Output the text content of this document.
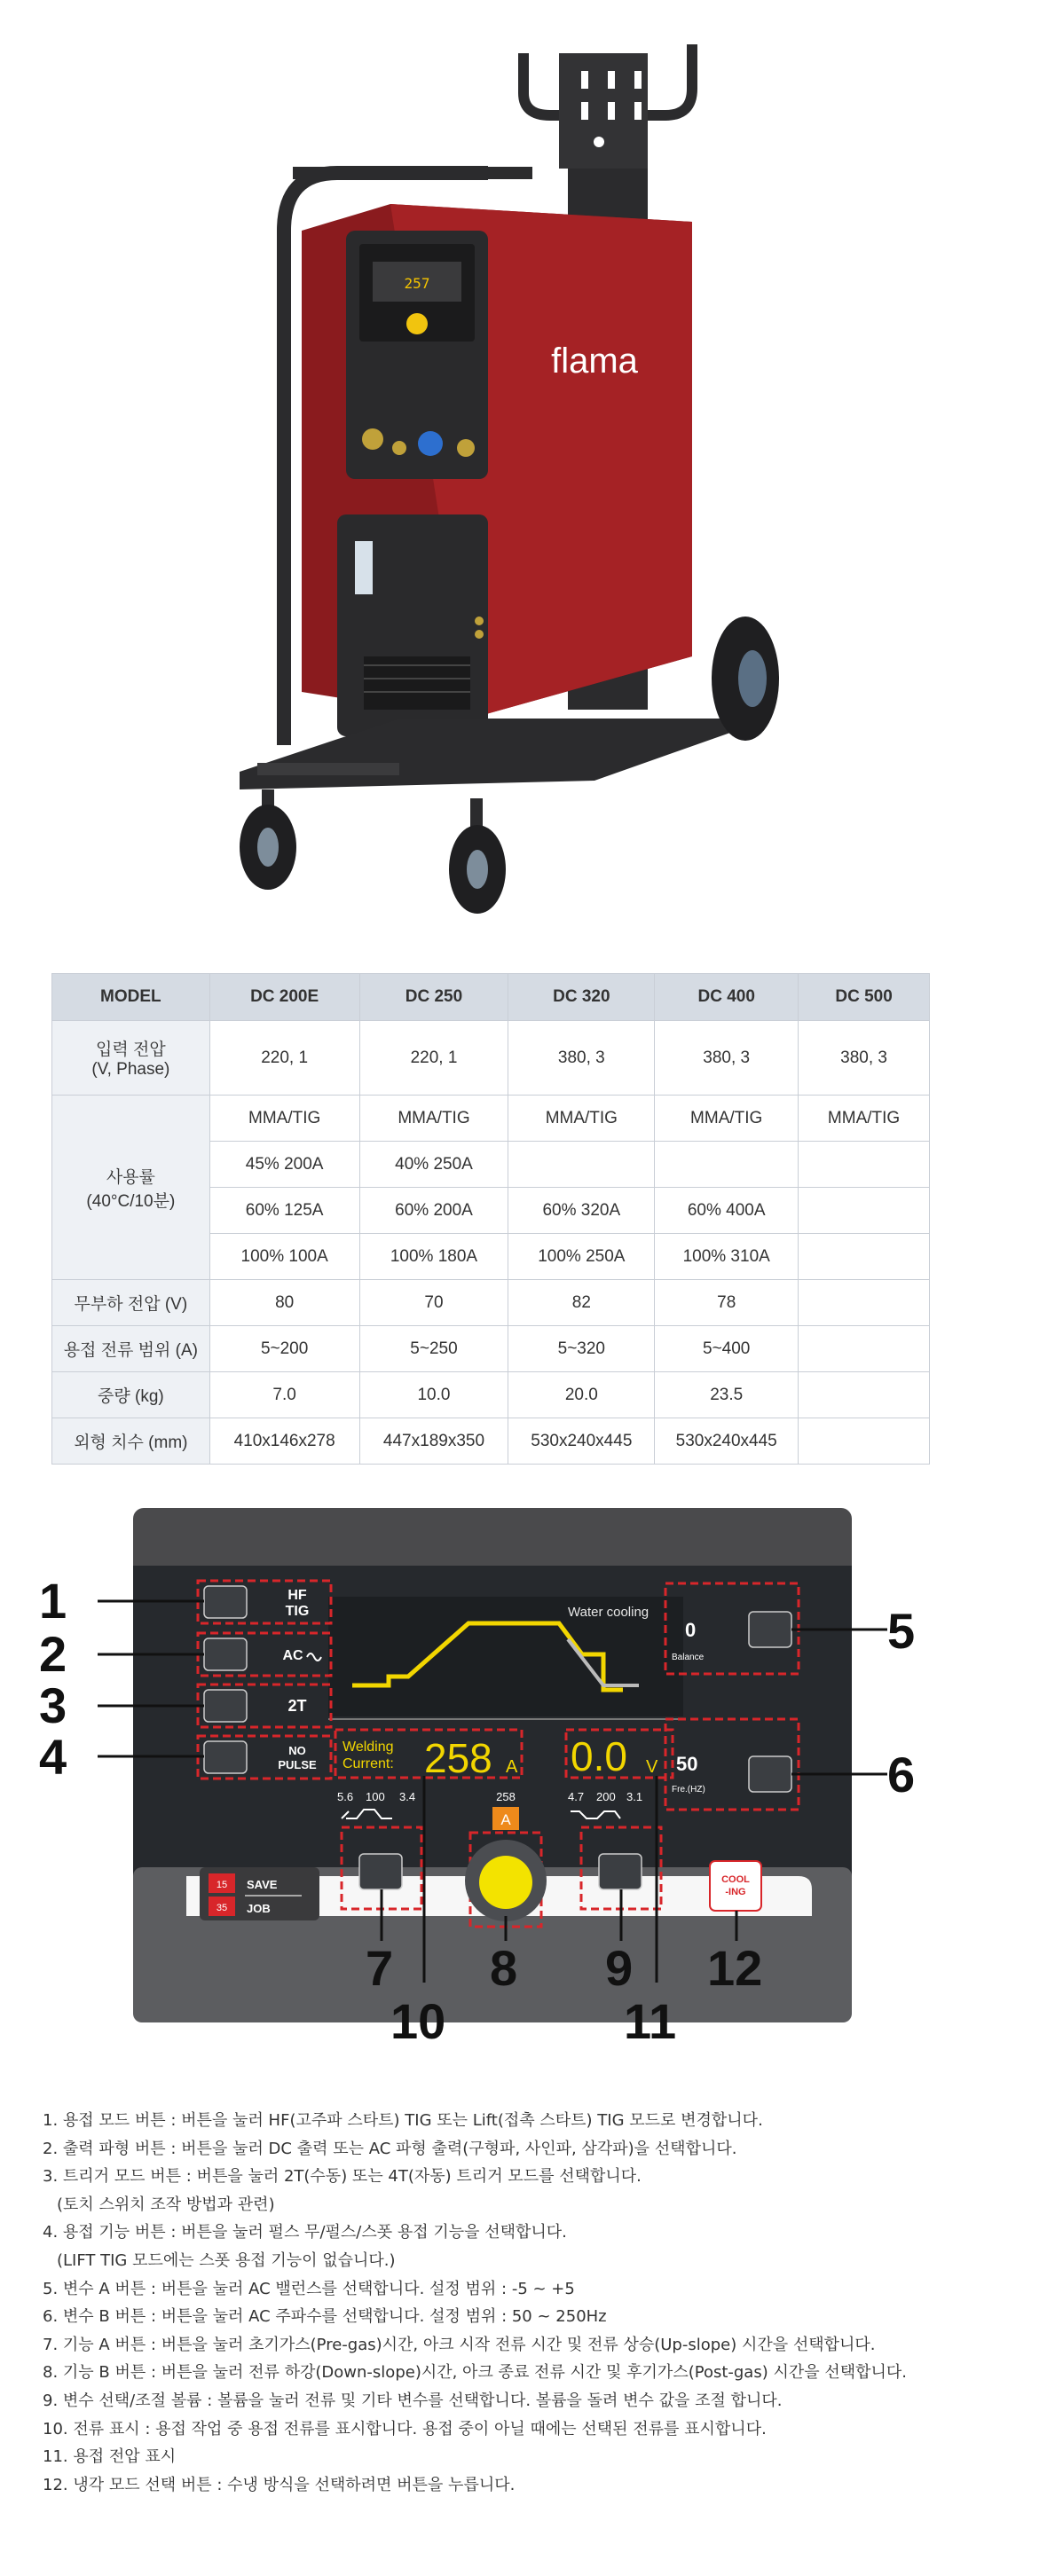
257
flama
MODEL	DC 200E	DC 250	DC 320	DC 400	DC 500

입력 전압
(V, Phase)	220, 1	220, 1	380, 3	380, 3	380, 3

사용률
(40°C/10분)	MMA/TIG	MMA/TIG	MMA/TIG	MMA/TIG	MMA/TIG
	45% 200A	40% 250A			
	60% 125A	60% 200A	60% 320A	60% 400A	
	100% 100A	100% 180A	100% 250A	100% 310A	
무부하 전압 (V)	80	70	82	78	
용접 전류 범위 (A)	5~200	5~250	5~320	5~400	
중량 (kg)	7.0	10.0	20.0	23.5	
외형 치수 (mm)	410x146x278	447x189x350	530x240x445	530x240x445	
Water cooling
HF
TIG
AC
2T
NO
PULSE
0
Balance
50
Fre.(HZ)
Welding
Current: 258 A 0.0 V
5.6 100 3.4	4.7 200 3.1
258
A
15
35
SAVE
JOB
COOL
-ING
1
2
3
4
5
6
7 8 9
10	11
12
1. 용접 모드 버튼 : 버튼을 눌러 HF(고주파 스타트) TIG 또는 Lift(접촉 스타트) TIG 모드로 변경합니다.
2. 출력 파형 버튼 : 버튼을 눌러 DC 출력 또는 AC 파형 출력(구형파, 사인파, 삼각파)을 선택합니다.
3. 트리거 모드 버튼 : 버튼을 눌러 2T(수동) 또는 4T(자동) 트리거 모드를 선택합니다.
(토치 스위치 조작 방법과 관련)
4. 용접 기능 버튼 : 버튼을 눌러 펄스 무/펄스/스폿 용접 기능을 선택합니다.
(LIFT TIG 모드에는 스폿 용접 기능이 없습니다.)
5. 변수 A 버튼 : 버튼을 눌러 AC 밸런스를 선택합니다. 설정 범위 : -5 ~ +5
6. 변수 B 버튼 : 버튼을 눌러 AC 주파수를 선택합니다. 설정 범위 : 50 ~ 250Hz
7. 기능 A 버튼 : 버튼을 눌러 초기가스(Pre-gas)시간, 아크 시작 전류 시간 및 전류 상승(Up-slope) 시간을 선택합니다.
8. 기능 B 버튼 : 버튼을 눌러 전류 하강(Down-slope)시간, 아크 종료 전류 시간 및 후기가스(Post-gas) 시간을 선택합니다.
9. 변수 선택/조절 볼륨 : 볼륨을 눌러 전류 및 기타 변수를 선택합니다. 볼륨을 돌려 변수 값을 조절 합니다.
10. 전류 표시 : 용접 작업 중 용접 전류를 표시합니다. 용접 중이 아닐 때에는 선택된 전류를 표시합니다.
11. 용접 전압 표시
12. 냉각 모드 선택 버튼 : 수냉 방식을 선택하려면 버튼을 누릅니다.
